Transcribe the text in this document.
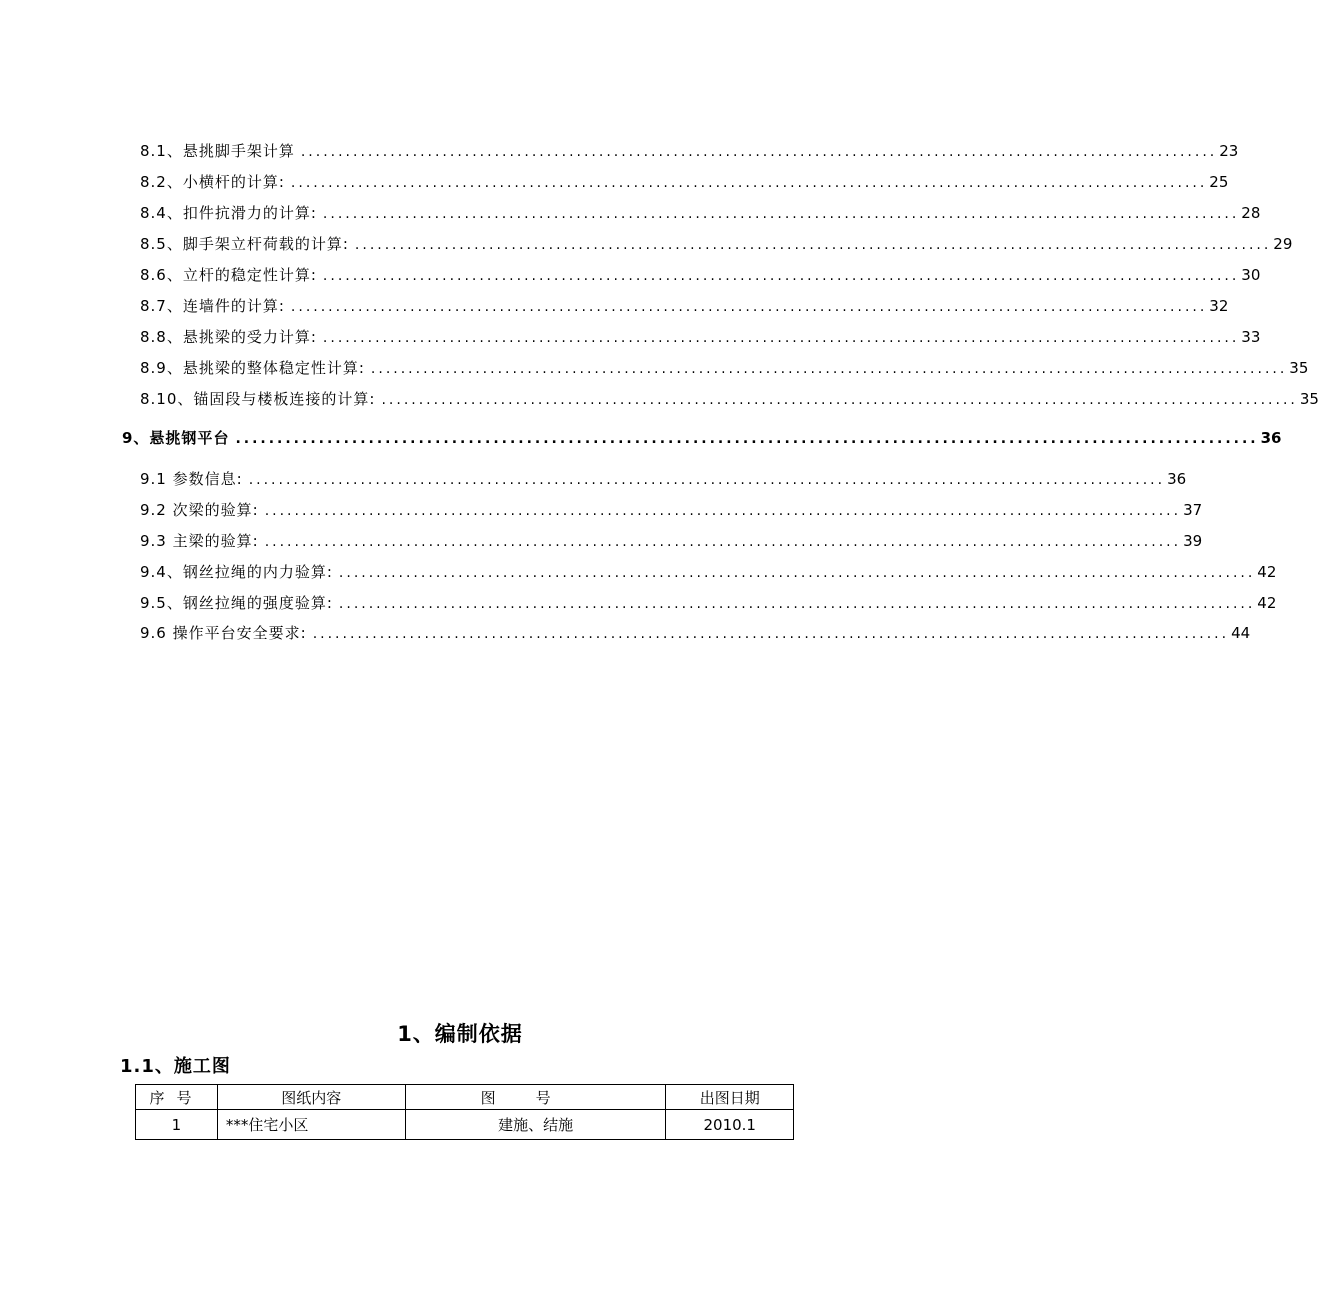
8.1、悬挑脚手架计算 ........................................................................................................................... 23
8.2、小横杆的计算: ........................................................................................................................... 25
8.4、扣件抗滑力的计算: ........................................................................................................................... 28
8.5、脚手架立杆荷载的计算: ........................................................................................................................... 29
8.6、立杆的稳定性计算: ........................................................................................................................... 30
8.7、连墙件的计算: ........................................................................................................................... 32
8.8、悬挑梁的受力计算: ........................................................................................................................... 33
8.9、悬挑梁的整体稳定性计算: ........................................................................................................................... 35
8.10、锚固段与楼板连接的计算: ........................................................................................................................... 35
9、悬挑钢平台 ........................................................................................................................... 36
9.1 参数信息: ........................................................................................................................... 36
9.2 次梁的验算: ........................................................................................................................... 37
9.3 主梁的验算: ........................................................................................................................... 39
9.4、钢丝拉绳的内力验算: ........................................................................................................................... 42
9.5、钢丝拉绳的强度验算: ........................................................................................................................... 42
9.6 操作平台安全要求: ........................................................................................................................... 44
1、编制依据
1.1、施工图
序号	图纸内容	图号	出图日期
1	***住宅小区	建施、结施	2010.1
